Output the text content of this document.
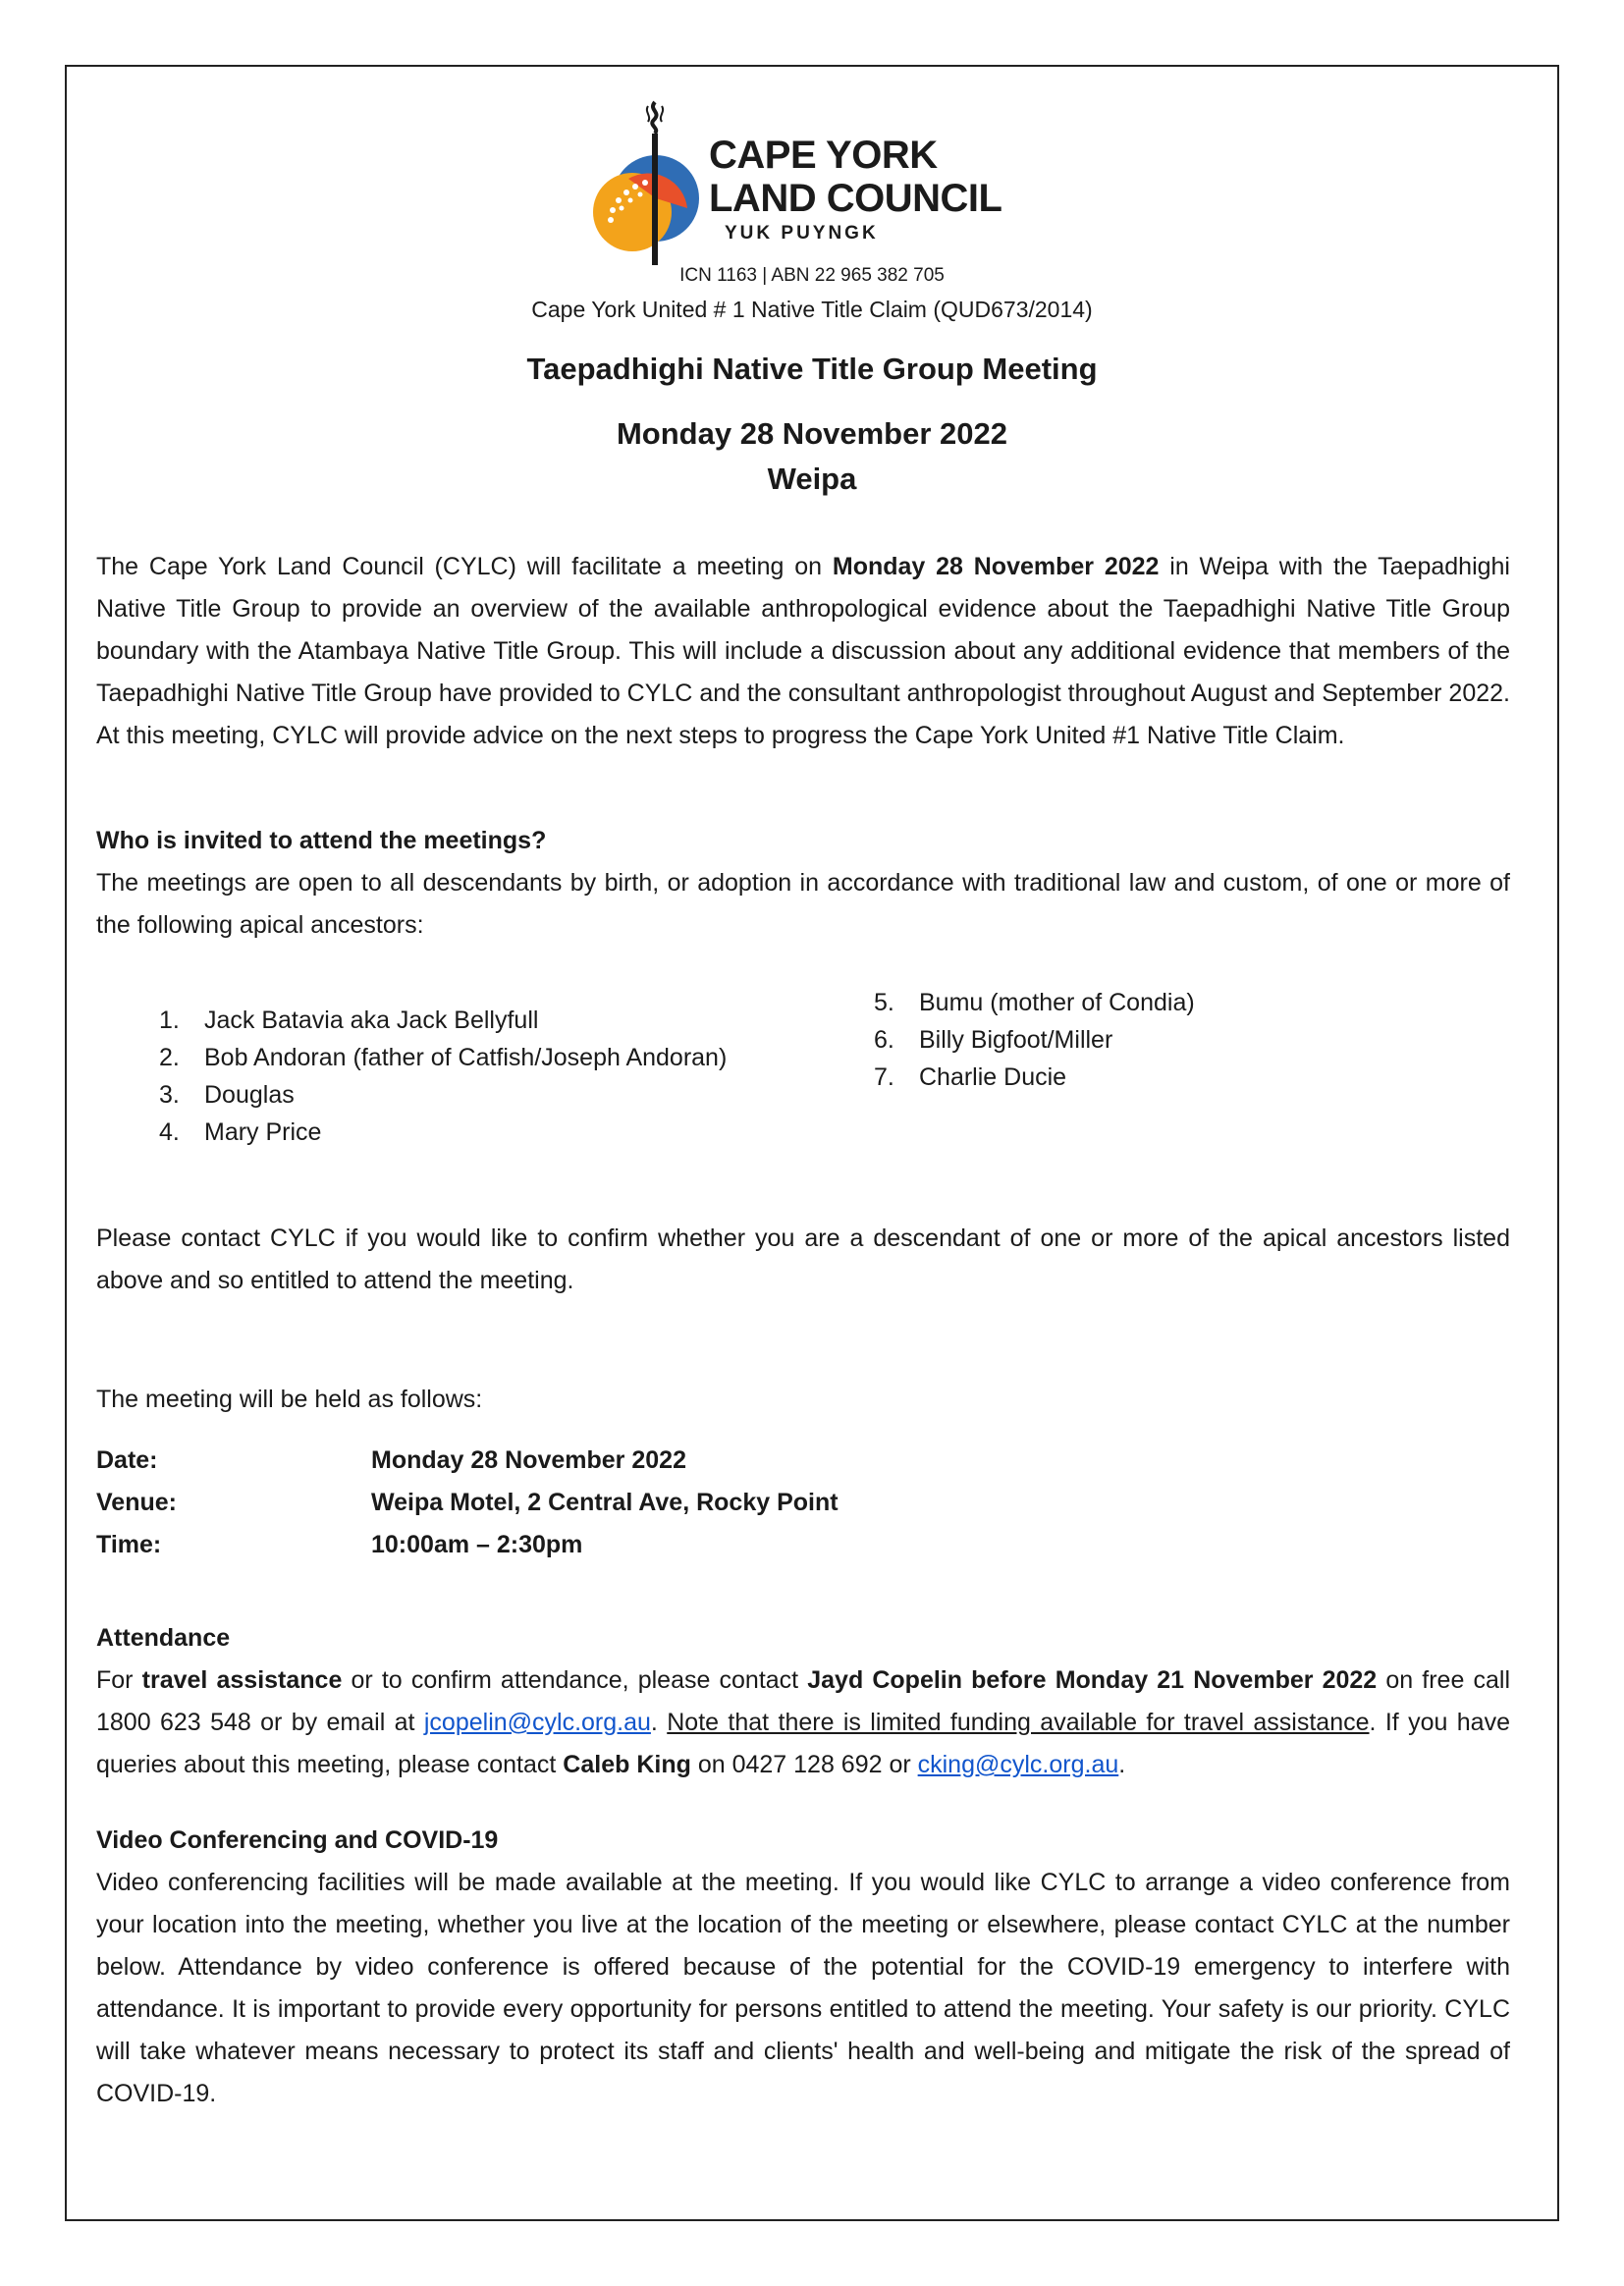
CAPE YORK
LAND COUNCIL
YUK PUYNGK
ICN 1163 | ABN 22 965 382 705
Cape York United # 1 Native Title Claim (QUD673/2014)
Taepadhighi Native Title Group Meeting
Monday 28 November 2022
Weipa
The Cape York Land Council (CYLC) will facilitate a meeting on Monday 28 November 2022 in Weipa with the Taepadhighi Native Title Group to provide an overview of the available anthropological evidence about the Taepadhighi Native Title Group boundary with the Atambaya Native Title Group. This will include a discussion about any additional evidence that members of the Taepadhighi Native Title Group have provided to CYLC and the consultant anthropologist throughout August and September 2022. At this meeting, CYLC will provide advice on the next steps to progress the Cape York United #1 Native Title Claim.
Who is invited to attend the meetings?
The meetings are open to all descendants by birth, or adoption in accordance with traditional law and custom, of one or more of the following apical ancestors:
1. Jack Batavia aka Jack Bellyfull
2. Bob Andoran (father of Catfish/Joseph Andoran)
3. Douglas
4. Mary Price
5. Bumu (mother of Condia)
6. Billy Bigfoot/Miller
7. Charlie Ducie
Please contact CYLC if you would like to confirm whether you are a descendant of one or more of the apical ancestors listed above and so entitled to attend the meeting.
The meeting will be held as follows:
Date:	Monday 28 November 2022
Venue:	Weipa Motel, 2 Central Ave, Rocky Point
Time:	10:00am – 2:30pm
Attendance
For travel assistance or to confirm attendance, please contact Jayd Copelin before Monday 21 November 2022 on free call 1800 623 548 or by email at jcopelin@cylc.org.au. Note that there is limited funding available for travel assistance. If you have queries about this meeting, please contact Caleb King on 0427 128 692 or cking@cylc.org.au.
Video Conferencing and COVID-19
Video conferencing facilities will be made available at the meeting. If you would like CYLC to arrange a video conference from your location into the meeting, whether you live at the location of the meeting or elsewhere, please contact CYLC at the number below. Attendance by video conference is offered because of the potential for the COVID-19 emergency to interfere with attendance. It is important to provide every opportunity for persons entitled to attend the meeting. Your safety is our priority. CYLC will take whatever means necessary to protect its staff and clients' health and well-being and mitigate the risk of the spread of COVID-19.
